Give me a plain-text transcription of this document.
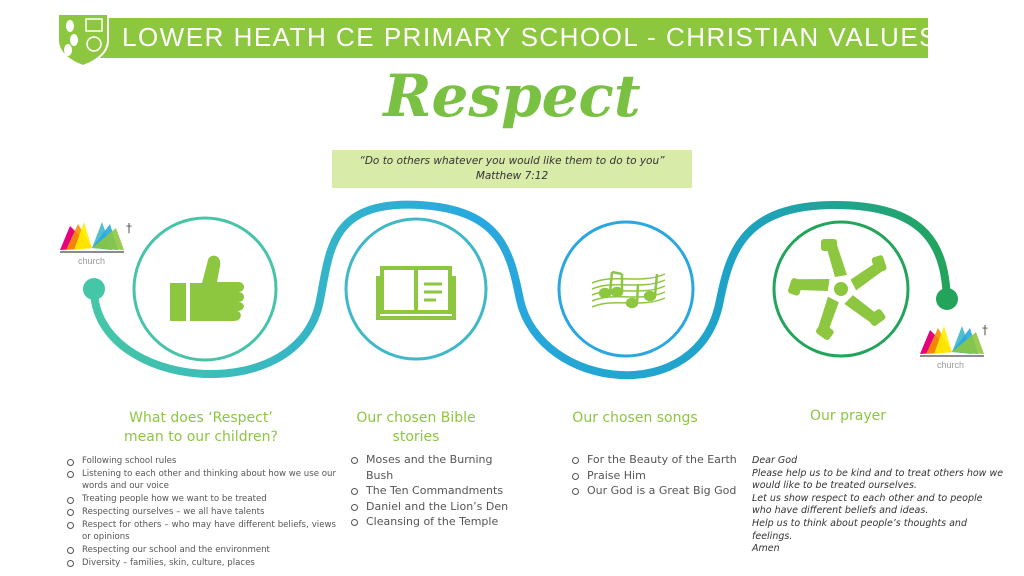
†
†
LOWER HEATH CE PRIMARY SCHOOL - CHRISTIAN VALUES
Respect
“Do to others whatever you would like them to do to you”
Matthew 7:12
church
church
What does ‘Respect’
mean to our children?
Our chosen Bible
stories
Our chosen songs	Our prayer
Following school rules
Listening to each other and thinking about how we use our words and our voice
Treating people how we want to be treated
Respecting ourselves – we all have talents
Respect for others – who may have different beliefs, views or opinions
Respecting our school and the environment
Diversity – families, skin, culture, places
Moses and the Burning Bush
The Ten Commandments
Daniel and the Lion’s Den
Cleansing of the Temple
For the Beauty of the Earth
Praise Him
Our God is a Great Big God
Dear God
Please help us to be kind and to treat others how we would like to be treated ourselves.
Let us show respect to each other and to people who have different beliefs and ideas.
Help us to think about people’s thoughts and feelings.
Amen
